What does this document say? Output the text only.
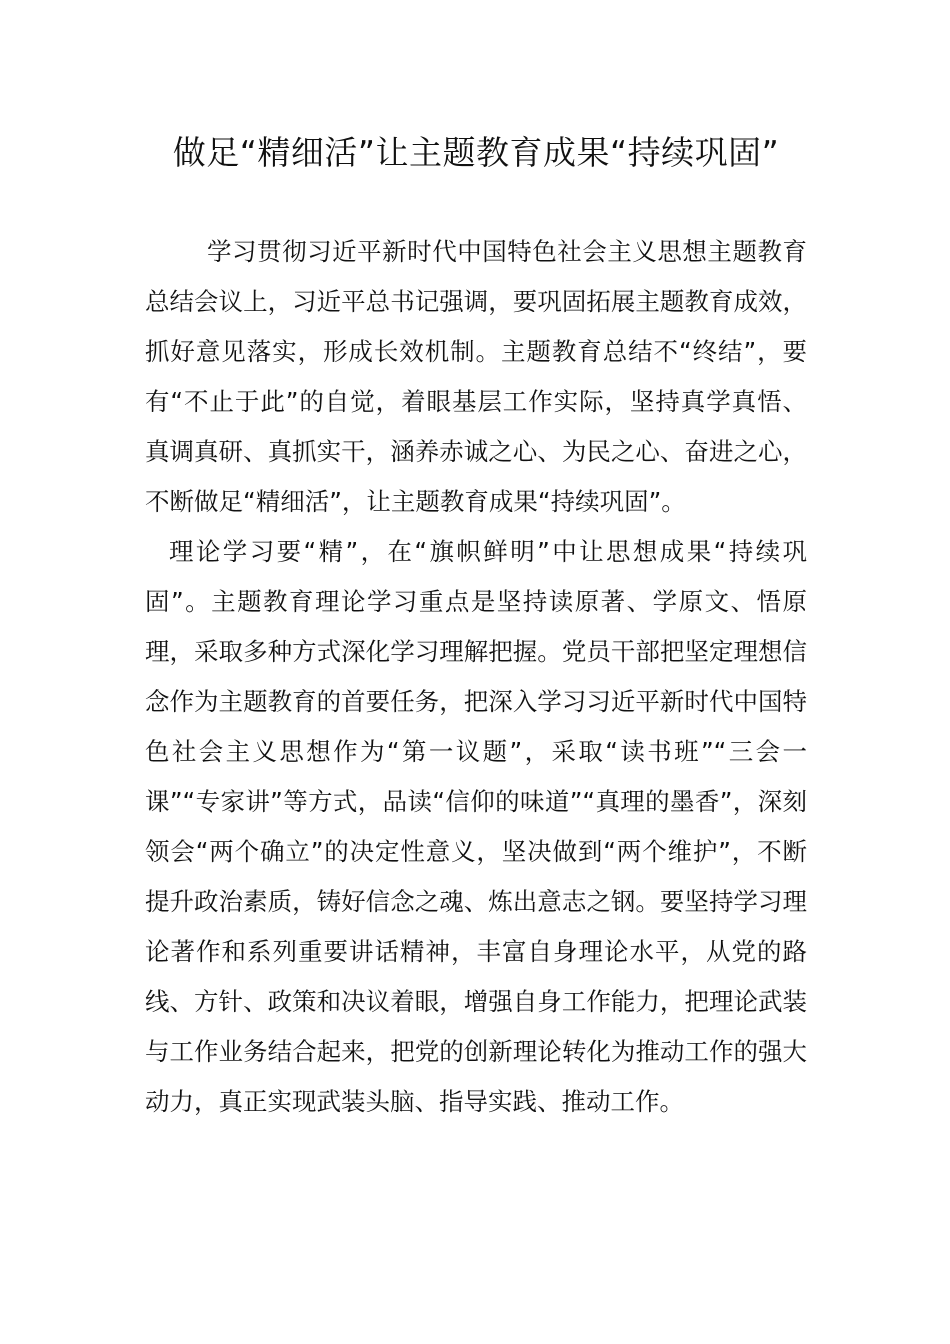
做足“精细活”让主题教育成果“持续巩固”

学习贯彻习近平新时代中国特色社会主义思想主题教育总结会议上，习近平总书记强调，要巩固拓展主题教育成效，抓好意见落实，形成长效机制。主题教育总结不“终结”，要有“不止于此”的自觉，着眼基层工作实际，坚持真学真悟、真调真研、真抓实干，涵养赤诚之心、为民之心、奋进之心，不断做足“精细活”，让主题教育成果“持续巩固”。

理论学习要“精”，在“旗帜鲜明”中让思想成果“持续巩固”。主题教育理论学习重点是坚持读原著、学原文、悟原理，采取多种方式深化学习理解把握。党员干部把坚定理想信念作为主题教育的首要任务，把深入学习习近平新时代中国特色社会主义思想作为“第一议题”，采取“读书班”“三会一课”“专家讲”等方式，品读“信仰的味道”“真理的墨香”，深刻领会“两个确立”的决定性意义，坚决做到“两个维护”，不断提升政治素质，铸好信念之魂、炼出意志之钢。要坚持学习理论著作和系列重要讲话精神，丰富自身理论水平，从党的路线、方针、政策和决议着眼，增强自身工作能力，把理论武装与工作业务结合起来，把党的创新理论转化为推动工作的强大动力，真正实现武装头脑、指导实践、推动工作。
